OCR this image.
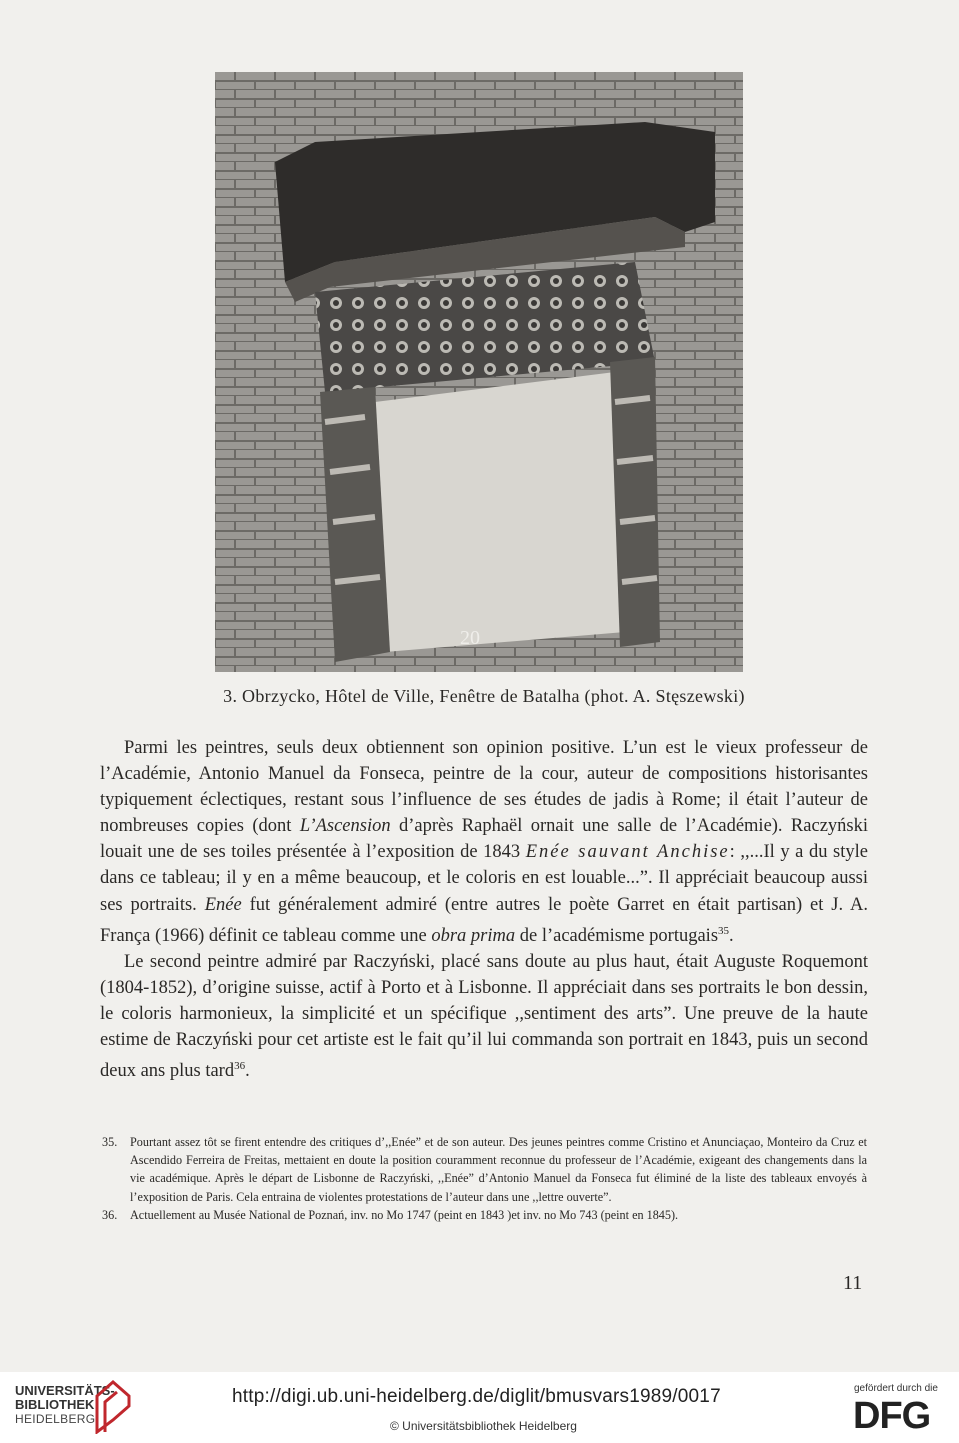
20
3. Obrzycko, Hôtel de Ville, Fenêtre de Batalha (phot. A. Stęszewski)

Parmi les peintres, seuls deux obtiennent son opinion positive. L’un est le vieux professeur de l’Académie, Antonio Manuel da Fonseca, peintre de la cour, auteur de compositions historisantes typiquement éclectiques, restant sous l’influence de ses études de jadis à Rome; il était l’auteur de nombreuses copies (dont L’Ascension d’après Raphaël ornait une salle de l’Académie). Raczyński louait une de ses toiles présentée à l’exposition de 1843 Enée sauvant Anchise: ,,...Il y a du style dans ce tableau; il y en a même beaucoup, et le coloris en est louable...”. Il appréciait beaucoup aussi ses portraits. Enée fut généralement admiré (entre autres le poète Garret en était partisan) et J. A. França (1966) définit ce tableau comme une obra prima de l’académisme portugais$^{35}$.

Le second peintre admiré par Raczyński, placé sans doute au plus haut, était Auguste Roquemont (1804-1852), d’origine suisse, actif à Porto et à Lisbonne. Il appréciait dans ses portraits le bon dessin, le coloris harmonieux, la simplicité et un spécifique ,,sentiment des arts”. Une preuve de la haute estime de Raczyński pour cet artiste est le fait qu’il lui commanda son portrait en 1843, puis un second deux ans plus tard$^{36}$.

35.	Pourtant assez tôt se firent entendre des critiques d’,,Enée” et de son auteur. Des jeunes peintres comme Cristino et Anunciaçao, Monteiro da Cruz et Ascendido Ferreira de Freitas, mettaient en doute la position couramment reconnue du professeur de l’Académie, exigeant des changements dans la vie académique. Après le départ de Lisbonne de Raczyński, ,,Enée” d’Antonio Manuel da Fonseca fut éliminé de la liste des tableaux envoyés à l’exposition de Paris. Cela entraina de violentes protestations de l’auteur dans une ,,lettre ouverte”.
36.	Actuellement au Musée National de Poznań, inv. no Mo 1747 (peint en 1843 )et inv. no Mo 743 (peint en 1845).
11
UNIVERSITÄTS-
BIBLIOTHEK
HEIDELBERG
http://digi.ub.uni-heidelberg.de/diglit/bmusvars1989/0017
© Universitätsbibliothek Heidelberg
gefördert durch die
DFG
